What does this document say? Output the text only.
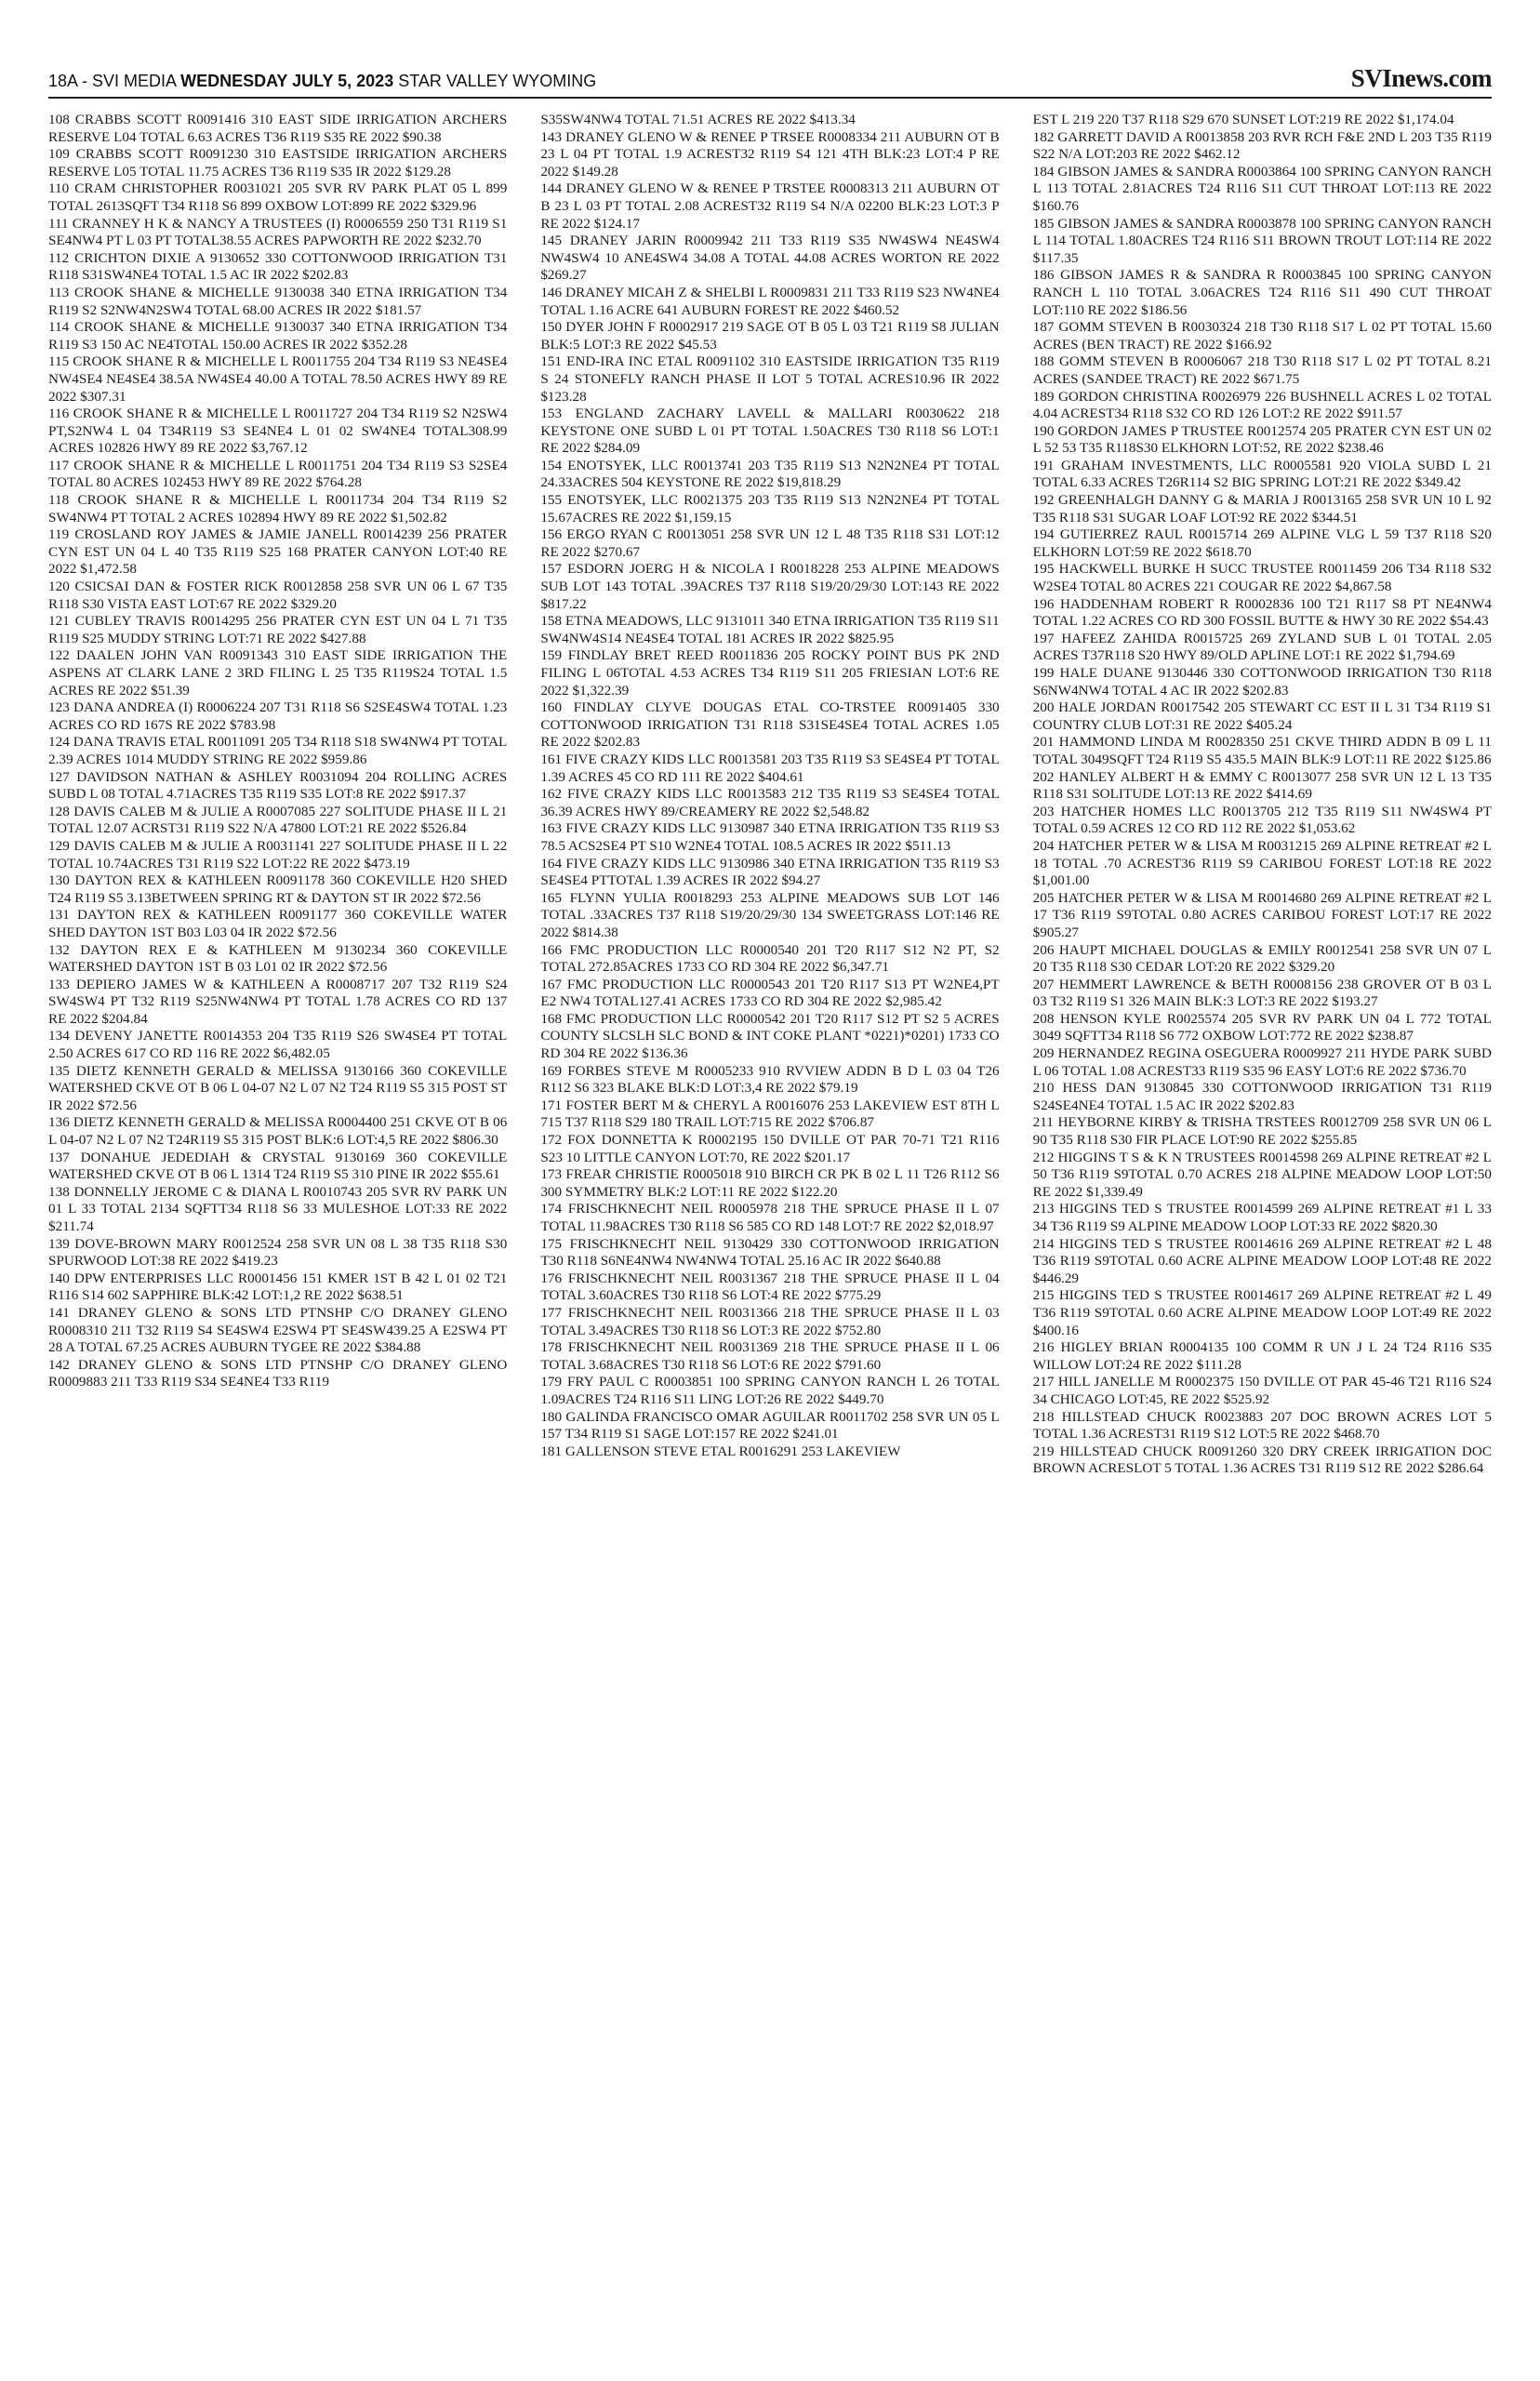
18A - SVI MEDIA WEDNESDAY JULY 5, 2023 STAR VALLEY WYOMING	SVInews.com

108 CRABBS SCOTT R0091416 310 EAST SIDE IRRIGATION ARCHERS RESERVE L04 TOTAL 6.63 ACRES T36 R119 S35 RE 2022 $90.38

109 CRABBS SCOTT R0091230 310 EASTSIDE IRRIGATION ARCHERS RESERVE L05 TOTAL 11.75 ACRES T36 R119 S35 IR 2022 $129.28

110 CRAM CHRISTOPHER R0031021 205 SVR RV PARK PLAT 05 L 899 TOTAL 2613SQFT T34 R118 S6 899 OXBOW LOT:899 RE 2022 $329.96

111 CRANNEY H K & NANCY A TRUSTEES (I) R0006559 250 T31 R119 S1 SE4NW4 PT L 03 PT TOTAL38.55 ACRES PAPWORTH RE 2022 $232.70

112 CRICHTON DIXIE A 9130652 330 COTTONWOOD IRRIGATION T31 R118 S31SW4NE4 TOTAL 1.5 AC IR 2022 $202.83

113 CROOK SHANE & MICHELLE 9130038 340 ETNA IRRIGATION T34 R119 S2 S2NW4N2SW4 TOTAL 68.00 ACRES IR 2022 $181.57

114 CROOK SHANE & MICHELLE 9130037 340 ETNA IRRIGATION T34 R119 S3 150 AC NE4TOTAL 150.00 ACRES IR 2022 $352.28

115 CROOK SHANE R & MICHELLE L R0011755 204 T34 R119 S3 NE4SE4 NW4SE4 NE4SE4 38.5A NW4SE4 40.00 A TOTAL 78.50 ACRES HWY 89 RE 2022 $307.31

116 CROOK SHANE R & MICHELLE L R0011727 204 T34 R119 S2 N2SW4 PT,S2NW4 L 04 T34R119 S3 SE4NE4 L 01 02 SW4NE4 TOTAL308.99 ACRES 102826 HWY 89 RE 2022 $3,767.12

117 CROOK SHANE R & MICHELLE L R0011751 204 T34 R119 S3 S2SE4 TOTAL 80 ACRES 102453 HWY 89 RE 2022 $764.28

118 CROOK SHANE R & MICHELLE L R0011734 204 T34 R119 S2 SW4NW4 PT TOTAL 2 ACRES 102894 HWY 89 RE 2022 $1,502.82

119 CROSLAND ROY JAMES & JAMIE JANELL R0014239 256 PRATER CYN EST UN 04 L 40 T35 R119 S25 168 PRATER CANYON LOT:40 RE 2022 $1,472.58

120 CSICSAI DAN & FOSTER RICK R0012858 258 SVR UN 06 L 67 T35 R118 S30 VISTA EAST LOT:67 RE 2022 $329.20

121 CUBLEY TRAVIS R0014295 256 PRATER CYN EST UN 04 L 71 T35 R119 S25 MUDDY STRING LOT:71 RE 2022 $427.88

122 DAALEN JOHN VAN R0091343 310 EAST SIDE IRRIGATION THE ASPENS AT CLARK LANE 2 3RD FILING L 25 T35 R119S24 TOTAL 1.5 ACRES RE 2022 $51.39

123 DANA ANDREA (I) R0006224 207 T31 R118 S6 S2SE4SW4 TOTAL 1.23 ACRES CO RD 167S RE 2022 $783.98

124 DANA TRAVIS ETAL R0011091 205 T34 R118 S18 SW4NW4 PT TOTAL 2.39 ACRES 1014 MUDDY STRING RE 2022 $959.86

127 DAVIDSON NATHAN & ASHLEY R0031094 204 ROLLING ACRES SUBD L 08 TOTAL 4.71ACRES T35 R119 S35 LOT:8 RE 2022 $917.37

128 DAVIS CALEB M & JULIE A R0007085 227 SOLITUDE PHASE II L 21 TOTAL 12.07 ACRST31 R119 S22 N/A 47800 LOT:21 RE 2022 $526.84

129 DAVIS CALEB M & JULIE A R0031141 227 SOLITUDE PHASE II L 22 TOTAL 10.74ACRES T31 R119 S22 LOT:22 RE 2022 $473.19

130 DAYTON REX & KATHLEEN R0091178 360 COKEVILLE H20 SHED T24 R119 S5 3.13BETWEEN SPRING RT & DAYTON ST IR 2022 $72.56

131 DAYTON REX & KATHLEEN R0091177 360 COKEVILLE WATER SHED DAYTON 1ST B03 L03 04 IR 2022 $72.56

132 DAYTON REX E & KATHLEEN M 9130234 360 COKEVILLE WATERSHED DAYTON 1ST B 03 L01 02 IR 2022 $72.56

133 DEPIERO JAMES W & KATHLEEN A R0008717 207 T32 R119 S24 SW4SW4 PT T32 R119 S25NW4NW4 PT TOTAL 1.78 ACRES CO RD 137 RE 2022 $204.84

134 DEVENY JANETTE R0014353 204 T35 R119 S26 SW4SE4 PT TOTAL 2.50 ACRES 617 CO RD 116 RE 2022 $6,482.05

135 DIETZ KENNETH GERALD & MELISSA 9130166 360 COKEVILLE WATERSHED CKVE OT B 06 L 04-07 N2 L 07 N2 T24 R119 S5 315 POST ST IR 2022 $72.56

136 DIETZ KENNETH GERALD & MELISSA R0004400 251 CKVE OT B 06 L 04-07 N2 L 07 N2 T24R119 S5 315 POST BLK:6 LOT:4,5 RE 2022 $806.30

137 DONAHUE JEDEDIAH & CRYSTAL 9130169 360 COKEVILLE WATERSHED CKVE OT B 06 L 1314 T24 R119 S5 310 PINE IR 2022 $55.61

138 DONNELLY JEROME C & DIANA L R0010743 205 SVR RV PARK UN 01 L 33 TOTAL 2134 SQFTT34 R118 S6 33 MULESHOE LOT:33 RE 2022 $211.74

139 DOVE-BROWN MARY R0012524 258 SVR UN 08 L 38 T35 R118 S30 SPURWOOD LOT:38 RE 2022 $419.23

140 DPW ENTERPRISES LLC R0001456 151 KMER 1ST B 42 L 01 02 T21 R116 S14 602 SAPPHIRE BLK:42 LOT:1,2 RE 2022 $638.51

141 DRANEY GLENO & SONS LTD PTNSHP C/O DRANEY GLENO R0008310 211 T32 R119 S4 SE4SW4 E2SW4 PT SE4SW439.25 A E2SW4 PT 28 A TOTAL 67.25 ACRES AUBURN TYGEE RE 2022 $384.88

142 DRANEY GLENO & SONS LTD PTNSHP C/O DRANEY GLENO R0009883 211 T33 R119 S34 SE4NE4 T33 R119

S35SW4NW4 TOTAL 71.51 ACRES RE 2022 $413.34

143 DRANEY GLENO W & RENEE P TRSEE R0008334 211 AUBURN OT B 23 L 04 PT TOTAL 1.9 ACREST32 R119 S4 121 4TH BLK:23 LOT:4 P RE 2022 $149.28

144 DRANEY GLENO W & RENEE P TRSTEE R0008313 211 AUBURN OT B 23 L 03 PT TOTAL 2.08 ACREST32 R119 S4 N/A 02200 BLK:23 LOT:3 P RE 2022 $124.17

145 DRANEY JARIN R0009942 211 T33 R119 S35 NW4SW4 NE4SW4 NW4SW4 10 ANE4SW4 34.08 A TOTAL 44.08 ACRES WORTON RE 2022 $269.27

146 DRANEY MICAH Z & SHELBI L R0009831 211 T33 R119 S23 NW4NE4 TOTAL 1.16 ACRE 641 AUBURN FOREST RE 2022 $460.52

150 DYER JOHN F R0002917 219 SAGE OT B 05 L 03 T21 R119 S8 JULIAN BLK:5 LOT:3 RE 2022 $45.53

151 END-IRA INC ETAL R0091102 310 EASTSIDE IRRIGATION T35 R119 S 24 STONEFLY RANCH PHASE II LOT 5 TOTAL ACRES10.96 IR 2022 $123.28

153 ENGLAND ZACHARY LAVELL & MALLARI R0030622 218 KEYSTONE ONE SUBD L 01 PT TOTAL 1.50ACRES T30 R118 S6 LOT:1 RE 2022 $284.09

154 ENOTSYEK, LLC R0013741 203 T35 R119 S13 N2N2NE4 PT TOTAL 24.33ACRES 504 KEYSTONE RE 2022 $19,818.29

155 ENOTSYEK, LLC R0021375 203 T35 R119 S13 N2N2NE4 PT TOTAL 15.67ACRES RE 2022 $1,159.15

156 ERGO RYAN C R0013051 258 SVR UN 12 L 48 T35 R118 S31 LOT:12 RE 2022 $270.67

157 ESDORN JOERG H & NICOLA I R0018228 253 ALPINE MEADOWS SUB LOT 143 TOTAL .39ACRES T37 R118 S19/20/29/30 LOT:143 RE 2022 $817.22

158 ETNA MEADOWS, LLC 9131011 340 ETNA IRRIGATION T35 R119 S11 SW4NW4S14 NE4SE4 TOTAL 181 ACRES IR 2022 $825.95

159 FINDLAY BRET REED R0011836 205 ROCKY POINT BUS PK 2ND FILING L 06TOTAL 4.53 ACRES T34 R119 S11 205 FRIESIAN LOT:6 RE 2022 $1,322.39

160 FINDLAY CLYVE DOUGAS ETAL CO-TRSTEE R0091405 330 COTTONWOOD IRRIGATION T31 R118 S31SE4SE4 TOTAL ACRES 1.05 RE 2022 $202.83

161 FIVE CRAZY KIDS LLC R0013581 203 T35 R119 S3 SE4SE4 PT TOTAL 1.39 ACRES 45 CO RD 111 RE 2022 $404.61

162 FIVE CRAZY KIDS LLC R0013583 212 T35 R119 S3 SE4SE4 TOTAL 36.39 ACRES HWY 89/CREAMERY RE 2022 $2,548.82

163 FIVE CRAZY KIDS LLC 9130987 340 ETNA IRRIGATION T35 R119 S3 78.5 ACS2SE4 PT S10 W2NE4 TOTAL 108.5 ACRES IR 2022 $511.13

164 FIVE CRAZY KIDS LLC 9130986 340 ETNA IRRIGATION T35 R119 S3 SE4SE4 PTTOTAL 1.39 ACRES IR 2022 $94.27

165 FLYNN YULIA R0018293 253 ALPINE MEADOWS SUB LOT 146 TOTAL .33ACRES T37 R118 S19/20/29/30 134 SWEETGRASS LOT:146 RE 2022 $814.38

166 FMC PRODUCTION LLC R0000540 201 T20 R117 S12 N2 PT, S2 TOTAL 272.85ACRES 1733 CO RD 304 RE 2022 $6,347.71

167 FMC PRODUCTION LLC R0000543 201 T20 R117 S13 PT W2NE4,PT E2 NW4 TOTAL127.41 ACRES 1733 CO RD 304 RE 2022 $2,985.42

168 FMC PRODUCTION LLC R0000542 201 T20 R117 S12 PT S2 5 ACRES COUNTY SLCSLH SLC BOND & INT COKE PLANT *0221)*0201) 1733 CO RD 304 RE 2022 $136.36

169 FORBES STEVE M R0005233 910 RVVIEW ADDN B D L 03 04 T26 R112 S6 323 BLAKE BLK:D LOT:3,4 RE 2022 $79.19

171 FOSTER BERT M & CHERYL A R0016076 253 LAKEVIEW EST 8TH L 715 T37 R118 S29 180 TRAIL LOT:715 RE 2022 $706.87

172 FOX DONNETTA K R0002195 150 DVILLE OT PAR 70-71 T21 R116 S23 10 LITTLE CANYON LOT:70, RE 2022 $201.17

173 FREAR CHRISTIE R0005018 910 BIRCH CR PK B 02 L 11 T26 R112 S6 300 SYMMETRY BLK:2 LOT:11 RE 2022 $122.20

174 FRISCHKNECHT NEIL R0005978 218 THE SPRUCE PHASE II L 07 TOTAL 11.98ACRES T30 R118 S6 585 CO RD 148 LOT:7 RE 2022 $2,018.97

175 FRISCHKNECHT NEIL 9130429 330 COTTONWOOD IRRIGATION T30 R118 S6NE4NW4 NW4NW4 TOTAL 25.16 AC IR 2022 $640.88

176 FRISCHKNECHT NEIL R0031367 218 THE SPRUCE PHASE II L 04 TOTAL 3.60ACRES T30 R118 S6 LOT:4 RE 2022 $775.29

177 FRISCHKNECHT NEIL R0031366 218 THE SPRUCE PHASE II L 03 TOTAL 3.49ACRES T30 R118 S6 LOT:3 RE 2022 $752.80

178 FRISCHKNECHT NEIL R0031369 218 THE SPRUCE PHASE II L 06 TOTAL 3.68ACRES T30 R118 S6 LOT:6 RE 2022 $791.60

179 FRY PAUL C R0003851 100 SPRING CANYON RANCH L 26 TOTAL 1.09ACRES T24 R116 S11 LING LOT:26 RE 2022 $449.70

180 GALINDA FRANCISCO OMAR AGUILAR R0011702 258 SVR UN 05 L 157 T34 R119 S1 SAGE LOT:157 RE 2022 $241.01

181 GALLENSON STEVE ETAL R0016291 253 LAKEVIEW

EST L 219 220 T37 R118 S29 670 SUNSET LOT:219 RE 2022 $1,174.04

182 GARRETT DAVID A R0013858 203 RVR RCH F&E 2ND L 203 T35 R119 S22 N/A LOT:203 RE 2022 $462.12

184 GIBSON JAMES & SANDRA R0003864 100 SPRING CANYON RANCH L 113 TOTAL 2.81ACRES T24 R116 S11 CUT THROAT LOT:113 RE 2022 $160.76

185 GIBSON JAMES & SANDRA R0003878 100 SPRING CANYON RANCH L 114 TOTAL 1.80ACRES T24 R116 S11 BROWN TROUT LOT:114 RE 2022 $117.35

186 GIBSON JAMES R & SANDRA R R0003845 100 SPRING CANYON RANCH L 110 TOTAL 3.06ACRES T24 R116 S11 490 CUT THROAT LOT:110 RE 2022 $186.56

187 GOMM STEVEN B R0030324 218 T30 R118 S17 L 02 PT TOTAL 15.60 ACRES (BEN TRACT) RE 2022 $166.92

188 GOMM STEVEN B R0006067 218 T30 R118 S17 L 02 PT TOTAL 8.21 ACRES (SANDEE TRACT) RE 2022 $671.75

189 GORDON CHRISTINA R0026979 226 BUSHNELL ACRES L 02 TOTAL 4.04 ACREST34 R118 S32 CO RD 126 LOT:2 RE 2022 $911.57

190 GORDON JAMES P TRUSTEE R0012574 205 PRATER CYN EST UN 02 L 52 53 T35 R118S30 ELKHORN LOT:52, RE 2022 $238.46

191 GRAHAM INVESTMENTS, LLC R0005581 920 VIOLA SUBD L 21 TOTAL 6.33 ACRES T26R114 S2 BIG SPRING LOT:21 RE 2022 $349.42

192 GREENHALGH DANNY G & MARIA J R0013165 258 SVR UN 10 L 92 T35 R118 S31 SUGAR LOAF LOT:92 RE 2022 $344.51

194 GUTIERREZ RAUL R0015714 269 ALPINE VLG L 59 T37 R118 S20 ELKHORN LOT:59 RE 2022 $618.70

195 HACKWELL BURKE H SUCC TRUSTEE R0011459 206 T34 R118 S32 W2SE4 TOTAL 80 ACRES 221 COUGAR RE 2022 $4,867.58

196 HADDENHAM ROBERT R R0002836 100 T21 R117 S8 PT NE4NW4 TOTAL 1.22 ACRES CO RD 300 FOSSIL BUTTE & HWY 30 RE 2022 $54.43

197 HAFEEZ ZAHIDA R0015725 269 ZYLAND SUB L 01 TOTAL 2.05 ACRES T37R118 S20 HWY 89/OLD APLINE LOT:1 RE 2022 $1,794.69

199 HALE DUANE 9130446 330 COTTONWOOD IRRIGATION T30 R118 S6NW4NW4 TOTAL 4 AC IR 2022 $202.83

200 HALE JORDAN R0017542 205 STEWART CC EST II L 31 T34 R119 S1 COUNTRY CLUB LOT:31 RE 2022 $405.24

201 HAMMOND LINDA M R0028350 251 CKVE THIRD ADDN B 09 L 11 TOTAL 3049SQFT T24 R119 S5 435.5 MAIN BLK:9 LOT:11 RE 2022 $125.86

202 HANLEY ALBERT H & EMMY C R0013077 258 SVR UN 12 L 13 T35 R118 S31 SOLITUDE LOT:13 RE 2022 $414.69

203 HATCHER HOMES LLC R0013705 212 T35 R119 S11 NW4SW4 PT TOTAL 0.59 ACRES 12 CO RD 112 RE 2022 $1,053.62

204 HATCHER PETER W & LISA M R0031215 269 ALPINE RETREAT #2 L 18 TOTAL .70 ACREST36 R119 S9 CARIBOU FOREST LOT:18 RE 2022 $1,001.00

205 HATCHER PETER W & LISA M R0014680 269 ALPINE RETREAT #2 L 17 T36 R119 S9TOTAL 0.80 ACRES CARIBOU FOREST LOT:17 RE 2022 $905.27

206 HAUPT MICHAEL DOUGLAS & EMILY R0012541 258 SVR UN 07 L 20 T35 R118 S30 CEDAR LOT:20 RE 2022 $329.20

207 HEMMERT LAWRENCE & BETH R0008156 238 GROVER OT B 03 L 03 T32 R119 S1 326 MAIN BLK:3 LOT:3 RE 2022 $193.27

208 HENSON KYLE R0025574 205 SVR RV PARK UN 04 L 772 TOTAL 3049 SQFTT34 R118 S6 772 OXBOW LOT:772 RE 2022 $238.87

209 HERNANDEZ REGINA OSEGUERA R0009927 211 HYDE PARK SUBD L 06 TOTAL 1.08 ACREST33 R119 S35 96 EASY LOT:6 RE 2022 $736.70

210 HESS DAN 9130845 330 COTTONWOOD IRRIGATION T31 R119 S24SE4NE4 TOTAL 1.5 AC IR 2022 $202.83

211 HEYBORNE KIRBY & TRISHA TRSTEES R0012709 258 SVR UN 06 L 90 T35 R118 S30 FIR PLACE LOT:90 RE 2022 $255.85

212 HIGGINS T S & K N TRUSTEES R0014598 269 ALPINE RETREAT #2 L 50 T36 R119 S9TOTAL 0.70 ACRES 218 ALPINE MEADOW LOOP LOT:50 RE 2022 $1,339.49

213 HIGGINS TED S TRUSTEE R0014599 269 ALPINE RETREAT #1 L 33 34 T36 R119 S9 ALPINE MEADOW LOOP LOT:33 RE 2022 $820.30

214 HIGGINS TED S TRUSTEE R0014616 269 ALPINE RETREAT #2 L 48 T36 R119 S9TOTAL 0.60 ACRE ALPINE MEADOW LOOP LOT:48 RE 2022 $446.29

215 HIGGINS TED S TRUSTEE R0014617 269 ALPINE RETREAT #2 L 49 T36 R119 S9TOTAL 0.60 ACRE ALPINE MEADOW LOOP LOT:49 RE 2022 $400.16

216 HIGLEY BRIAN R0004135 100 COMM R UN J L 24 T24 R116 S35 WILLOW LOT:24 RE 2022 $111.28

217 HILL JANELLE M R0002375 150 DVILLE OT PAR 45-46 T21 R116 S24 34 CHICAGO LOT:45, RE 2022 $525.92

218 HILLSTEAD CHUCK R0023883 207 DOC BROWN ACRES LOT 5 TOTAL 1.36 ACREST31 R119 S12 LOT:5 RE 2022 $468.70

219 HILLSTEAD CHUCK R0091260 320 DRY CREEK IRRIGATION DOC BROWN ACRESLOT 5 TOTAL 1.36 ACRES T31 R119 S12 RE 2022 $286.64
